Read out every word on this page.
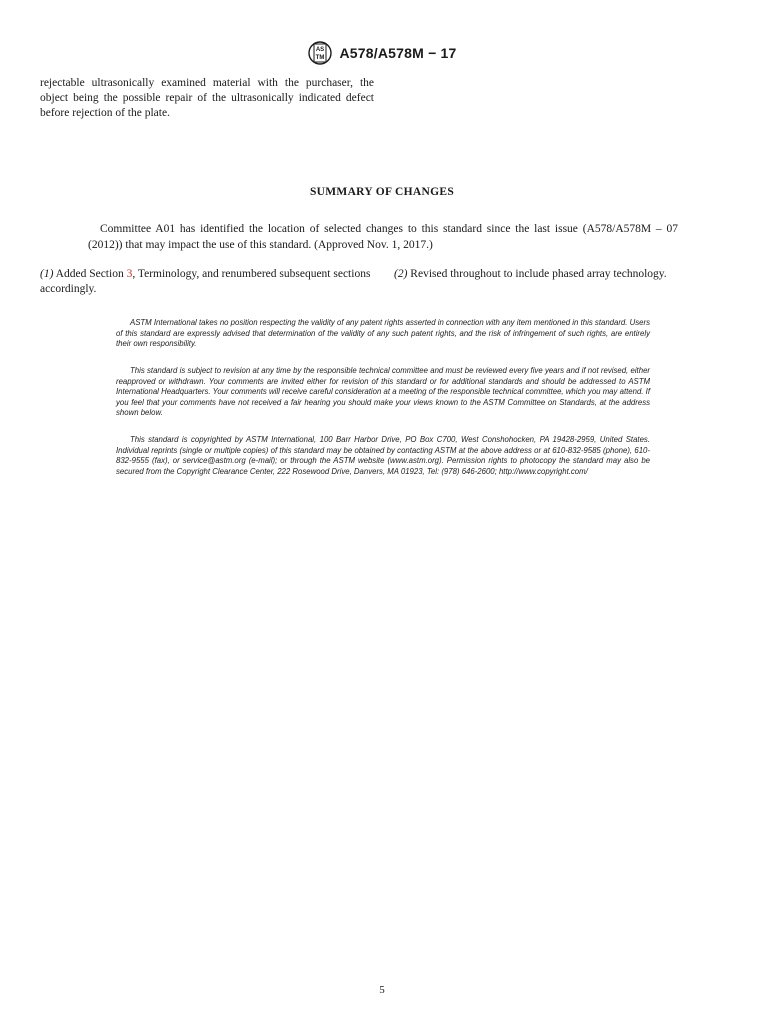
AS
TM A578/A578M − 17

rejectable ultrasonically examined material with the purchaser, the object being the possible repair of the ultrasonically indicated defect before rejection of the plate.

SUMMARY OF CHANGES

Committee A01 has identified the location of selected changes to this standard since the last issue (A578/A578M – 07 (2012)) that may impact the use of this standard. (Approved Nov. 1, 2017.)

(1) Added Section 3, Terminology, and renumbered subsequent sections accordingly.
(2) Revised throughout to include phased array technology.

ASTM International takes no position respecting the validity of any patent rights asserted in connection with any item mentioned in this standard. Users of this standard are expressly advised that determination of the validity of any such patent rights, and the risk of infringement of such rights, are entirely their own responsibility.

This standard is subject to revision at any time by the responsible technical committee and must be reviewed every five years and if not revised, either reapproved or withdrawn. Your comments are invited either for revision of this standard or for additional standards and should be addressed to ASTM International Headquarters. Your comments will receive careful consideration at a meeting of the responsible technical committee, which you may attend. If you feel that your comments have not received a fair hearing you should make your views known to the ASTM Committee on Standards, at the address shown below.

This standard is copyrighted by ASTM International, 100 Barr Harbor Drive, PO Box C700, West Conshohocken, PA 19428-2959, United States. Individual reprints (single or multiple copies) of this standard may be obtained by contacting ASTM at the above address or at 610-832-9585 (phone), 610-832-9555 (fax), or service@astm.org (e-mail); or through the ASTM website (www.astm.org). Permission rights to photocopy the standard may also be secured from the Copyright Clearance Center, 222 Rosewood Drive, Danvers, MA 01923, Tel: (978) 646-2600; http://www.copyright.com/

5
